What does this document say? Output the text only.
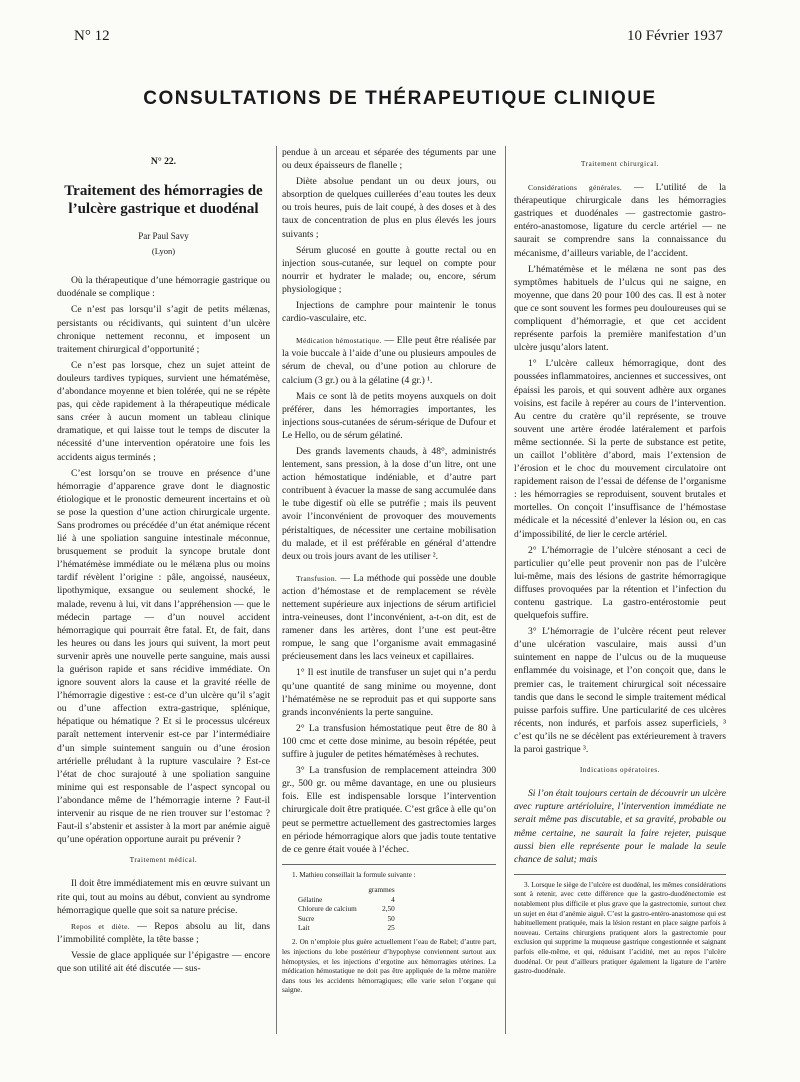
N° 12	10 Février 1937
CONSULTATIONS DE THÉRAPEUTIQUE CLINIQUE
N° 22.
Traitement des hémorragies de l’ulcère gastrique et duodénal
Par Paul Savy
(Lyon)

Où la thérapeutique d’une hémorragie gastrique ou duodénale se complique :

Ce n’est pas lorsqu’il s’agit de petits mélænas, persistants ou récidivants, qui suintent d’un ulcère chronique nettement reconnu, et imposent un traitement chirurgical d’opportunité ;

Ce n’est pas lorsque, chez un sujet atteint de douleurs tardives typiques, survient une hématémèse, d’abondance moyenne et bien tolérée, qui ne se répète pas, qui cède rapidement à la thérapeutique médicale sans créer à aucun moment un tableau clinique dramatique, et qui laisse tout le temps de discuter la nécessité d’une intervention opératoire une fois les accidents aigus terminés ;

C’est lorsqu’on se trouve en présence d’une hémorragie d’apparence grave dont le diagnostic étiologique et le pronostic demeurent incertains et où se pose la question d’une action chirurgicale urgente. Sans prodromes ou précédée d’un état anémique récent lié à une spoliation sanguine intestinale méconnue, brusquement se produit la syncope brutale dont l’hématémèse immédiate ou le mélæna plus ou moins tardif révèlent l’origine : pâle, angoissé, nauséeux, lipothymique, exsangue ou seulement shocké, le malade, revenu à lui, vit dans l’appréhension — que le médecin partage — d’un nouvel accident hémorragique qui pourrait être fatal. Et, de fait, dans les heures ou dans les jours qui suivent, la mort peut survenir après une nouvelle perte sanguine, mais aussi la guérison rapide et sans récidive immédiate. On ignore souvent alors la cause et la gravité réelle de l’hémorragie digestive : est-ce d’un ulcère qu’il s’agit ou d’une affection extra-gastrique, splénique, hépatique ou hématique ? Et si le processus ulcéreux paraît nettement intervenir est-ce par l’intermédiaire d’un simple suintement sanguin ou d’une érosion artérielle préludant à la rupture vasculaire ? Est-ce l’état de choc surajouté à une spoliation sanguine minime qui est responsable de l’aspect syncopal ou l’abondance même de l’hémorragie interne ? Faut-il intervenir au risque de ne rien trouver sur l’estomac ? Faut-il s’abstenir et assister à la mort par anémie aiguë qu’une opération opportune aurait pu prévenir ?

Traitement médical.

Il doit être immédiatement mis en œuvre suivant un rite qui, tout au moins au début, convient au syndrome hémorragique quelle que soit sa nature précise.

Repos et diète. — Repos absolu au lit, dans l’immobilité complète, la tête basse ;

Vessie de glace appliquée sur l’épigastre — encore que son utilité ait été discutée — sus-

pendue à un arceau et séparée des téguments par une ou deux épaisseurs de flanelle ;

Diète absolue pendant un ou deux jours, ou absorption de quelques cuillerées d’eau toutes les deux ou trois heures, puis de lait coupé, à des doses et à des taux de concentration de plus en plus élevés les jours suivants ;

Sérum glucosé en goutte à goutte rectal ou en injection sous-cutanée, sur lequel on compte pour nourrir et hydrater le malade; ou, encore, sérum physiologique ;

Injections de camphre pour maintenir le tonus cardio-vasculaire, etc.

Médication hémostatique. — Elle peut être réalisée par la voie buccale à l’aide d’une ou plusieurs ampoules de sérum de cheval, ou d’une potion au chlorure de calcium (3 gr.) ou à la gélatine (4 gr.) ¹.

Mais ce sont là de petits moyens auxquels on doit préférer, dans les hémorragies importantes, les injections sous-cutanées de sérum-sérique de Dufour et Le Hello, ou de sérum gélatiné.

Des grands lavements chauds, à 48°, administrés lentement, sans pression, à la dose d’un litre, ont une action hémostatique indéniable, et d’autre part contribuent à évacuer la masse de sang accumulée dans le tube digestif où elle se putréfie ; mais ils peuvent avoir l’inconvénient de provoquer des mouvements péristaltiques, de nécessiter une certaine mobilisation du malade, et il est préférable en général d’attendre deux ou trois jours avant de les utiliser ².

Transfusion. — La méthode qui possède une double action d’hémostase et de remplacement se révèle nettement supérieure aux injections de sérum artificiel intra-veineuses, dont l’inconvénient, a-t-on dit, est de ramener dans les artères, dont l’une est peut-être rompue, le sang que l’organisme avait emmagasiné précieusement dans les lacs veineux et capillaires.

1° Il est inutile de transfuser un sujet qui n’a perdu qu’une quantité de sang minime ou moyenne, dont l’hématémèse ne se reproduit pas et qui supporte sans grands inconvénients la perte sanguine.

2° La transfusion hémostatique peut être de 80 à 100 cmc et cette dose minime, au besoin répétée, peut suffire à juguler de petites hématémèses à rechutes.

3° La transfusion de remplacement atteindra 300 gr., 500 gr. ou même davantage, en une ou plusieurs fois. Elle est indispensable lorsque l’intervention chirurgicale doit être pratiquée. C’est grâce à elle qu’on peut se permettre actuellement des gastrectomies larges en période hémorragique alors que jadis toute tentative de ce genre était vouée à l’échec.

1. Mathieu conseillait la formule suivante :

	grammes
Gélatine	4
Chlorure de calcium	2,50
Sucre	50
Lait	25

2. On n’emploie plus guère actuellement l’eau de Rabel; d’autre part, les injections du lobe postérieur d’hypophyse conviennent surtout aux hémoptysies, et les injections d’ergotine aux hémorragies utérines. La médication hémostatique ne doit pas être appliquée de la même manière dans tous les accidents hémorragiques; elle varie selon l’organe qui saigne.

Traitement chirurgical.

Considérations générales. — L’utilité de la thérapeutique chirurgicale dans les hémorragies gastriques et duodénales — gastrectomie gastro-entéro-anastomose, ligature du cercle artériel — ne saurait se comprendre sans la connaissance du mécanisme, d’ailleurs variable, de l’accident.

L’hématémèse et le mélæna ne sont pas des symptômes habituels de l’ulcus qui ne saigne, en moyenne, que dans 20 pour 100 des cas. Il est à noter que ce sont souvent les formes peu douloureuses qui se compliquent d’hémorragie, et que cet accident représente parfois la première manifestation d’un ulcère jusqu’alors latent.

1° L’ulcère calleux hémorragique, dont des poussées inflammatoires, anciennes et successives, ont épaissi les parois, et qui souvent adhère aux organes voisins, est facile à repérer au cours de l’intervention. Au centre du cratère qu’il représente, se trouve souvent une artère érodée latéralement et parfois même sectionnée. Si la perte de substance est petite, un caillot l’oblitère d’abord, mais l’extension de l’érosion et le choc du mouvement circulatoire ont rapidement raison de l’essai de défense de l’organisme : les hémorragies se reproduisent, souvent brutales et mortelles. On conçoit l’insuffisance de l’hémostase médicale et la nécessité d’enlever la lésion ou, en cas d’impossibilité, de lier le cercle artériel.

2° L’hémorragie de l’ulcère sténosant a ceci de particulier qu’elle peut provenir non pas de l’ulcère lui-même, mais des lésions de gastrite hémorragique diffuses provoquées par la rétention et l’infection du contenu gastrique. La gastro-entérostomie peut quelquefois suffire.

3° L’hémorragie de l’ulcère récent peut relever d’une ulcération vasculaire, mais aussi d’un suintement en nappe de l’ulcus ou de la muqueuse enflammée du voisinage, et l’on conçoit que, dans le premier cas, le traitement chirurgical soit nécessaire tandis que dans le second le simple traitement médical puisse parfois suffire. Une particularité de ces ulcères récents, non indurés, et parfois assez superficiels, ³ c’est qu’ils ne se décèlent pas extérieurement à travers la paroi gastrique ³.

Indications opératoires.

Si l’on était toujours certain de découvrir un ulcère avec rupture artérioluire, l’intervention immédiate ne serait même pas discutable, et sa gravité, probable ou même certaine, ne saurait la faire rejeter, puisque aussi bien elle représente pour le malade la seule chance de salut; mais

3. Lorsque le siège de l’ulcère est duodénal, les mêmes considérations sont à retenir, avec cette différence que la gastro-duodénectomie est notablement plus difficile et plus grave que la gastrectomie, surtout chez un sujet en état d’anémie aiguë. C’est la gastro-entéro-anastomose qui est habituellement pratiquée, mais la lésion restant en place saigne parfois à nouveau. Certains chirurgiens pratiquent alors la gastrectomie pour exclusion qui supprime la muqueuse gastrique congestionnée et saignant parfois elle-même, et qui, réduisant l’acidité, met au repos l’ulcère duodénal. Or peut d’ailleurs pratiquer également la ligature de l’artère gastro-duodénale.
